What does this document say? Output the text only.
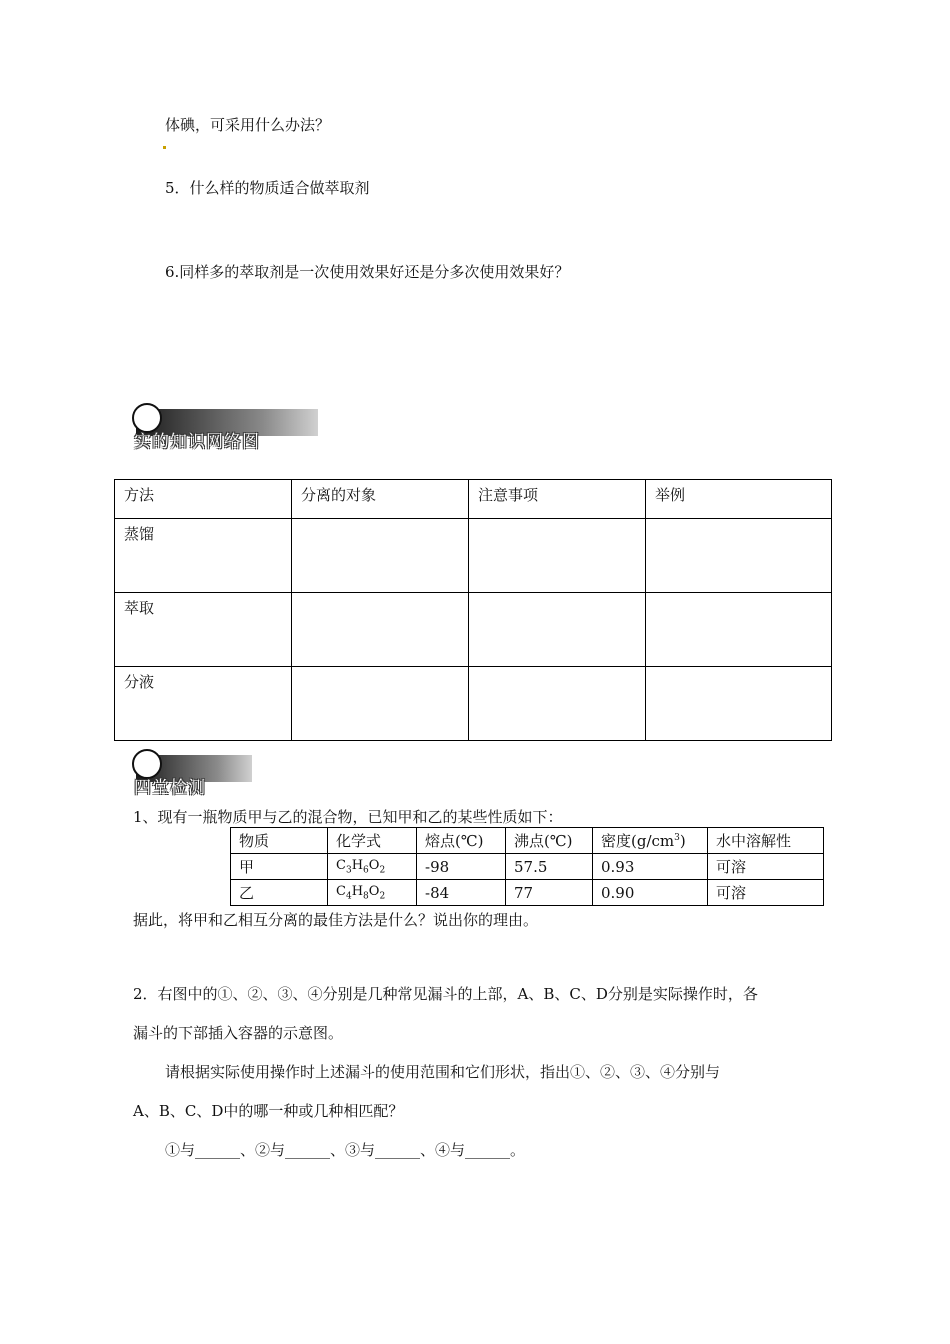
体碘，可采用什么办法？
5．什么样的物质适合做萃取剂
6.同样多的萃取剂是一次使用效果好还是分多次使用效果好？
实的知识网络图
方法	分离的对象	注意事项	举例
蒸馏			
萃取			
分液			
四堂检测
1、现有一瓶物质甲与乙的混合物，已知甲和乙的某些性质如下：
物质	化学式	熔点(℃)	沸点(℃)	密度$(g/cm^3)$	水中溶解性
甲	$C_3H_6O_2$	-98	57.5	0.93	可溶
乙	$C_4H_8O_2$	-84	77	0.90	可溶
据此，将甲和乙相互分离的最佳方法是什么？说出你的理由。
2．右图中的①、②、③、④分别是几种常见漏斗的上部，A、B、C、D分别是实际操作时，各
漏斗的下部插入容器的示意图。
请根据实际使用操作时上述漏斗的使用范围和它们形状，指出①、②、③、④分别与
A、B、C、D中的哪一种或几种相匹配？
①与______、②与______、③与______、④与______。
